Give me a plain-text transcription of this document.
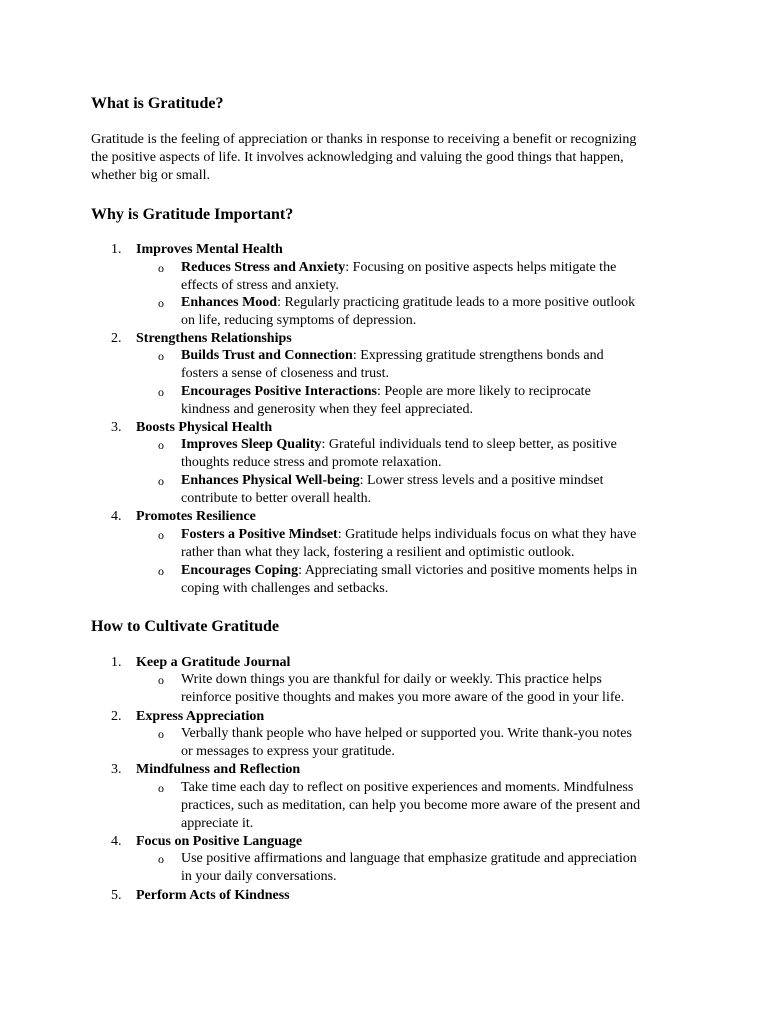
What is Gratitude?
Gratitude is the feeling of appreciation or thanks in response to receiving a benefit or recognizing
the positive aspects of life. It involves acknowledging and valuing the good things that happen,
whether big or small.
Why is Gratitude Important?
1.	Improves Mental Health
o Reduces Stress and Anxiety: Focusing on positive aspects helps mitigate the
effects of stress and anxiety.
o Enhances Mood: Regularly practicing gratitude leads to a more positive outlook
on life, reducing symptoms of depression.
2.	Strengthens Relationships
o Builds Trust and Connection: Expressing gratitude strengthens bonds and
fosters a sense of closeness and trust.
o Encourages Positive Interactions: People are more likely to reciprocate
kindness and generosity when they feel appreciated.
3.	Boosts Physical Health
o Improves Sleep Quality: Grateful individuals tend to sleep better, as positive
thoughts reduce stress and promote relaxation.
o Enhances Physical Well-being: Lower stress levels and a positive mindset
contribute to better overall health.
4.	Promotes Resilience
o Fosters a Positive Mindset: Gratitude helps individuals focus on what they have
rather than what they lack, fostering a resilient and optimistic outlook.
o Encourages Coping: Appreciating small victories and positive moments helps in
coping with challenges and setbacks.
How to Cultivate Gratitude
1.	Keep a Gratitude Journal
o Write down things you are thankful for daily or weekly. This practice helps
reinforce positive thoughts and makes you more aware of the good in your life.
2.	Express Appreciation
o Verbally thank people who have helped or supported you. Write thank-you notes
or messages to express your gratitude.
3.	Mindfulness and Reflection
o Take time each day to reflect on positive experiences and moments. Mindfulness
practices, such as meditation, can help you become more aware of the present and
appreciate it.
4.	Focus on Positive Language
o Use positive affirmations and language that emphasize gratitude and appreciation
in your daily conversations.
5.	Perform Acts of Kindness
